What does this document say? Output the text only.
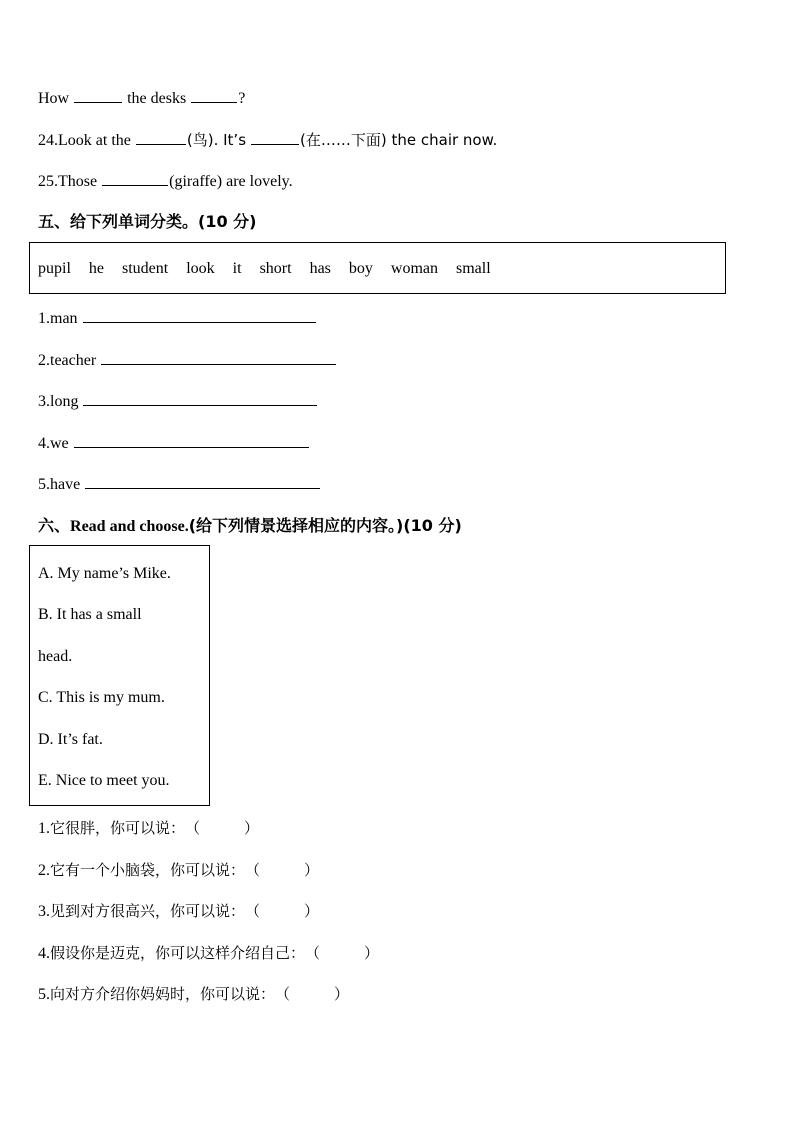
How	the desks	?
24.Look at the	(鸟). It’s	(在……下面) the chair now.
25.Those	(giraffe) are lovely.
五、给下列单词分类。(10 分)
pupil he student look it short has boy woman small
1.man
2.teacher
3.long
4.we
5.have
六、Read and choose.(给下列情景选择相应的内容。)(10 分)
A. My name’s Mike.
B. It has a small
head.
C. This is my mum.
D. It’s fat.
E. Nice to meet you.
1.它很胖，你可以说：（	）
2.它有一个小脑袋，你可以说：（	）
3.见到对方很高兴，你可以说：（	）
4.假设你是迈克，你可以这样介绍自己：（	）
5.向对方介绍你妈妈时，你可以说：（	）
